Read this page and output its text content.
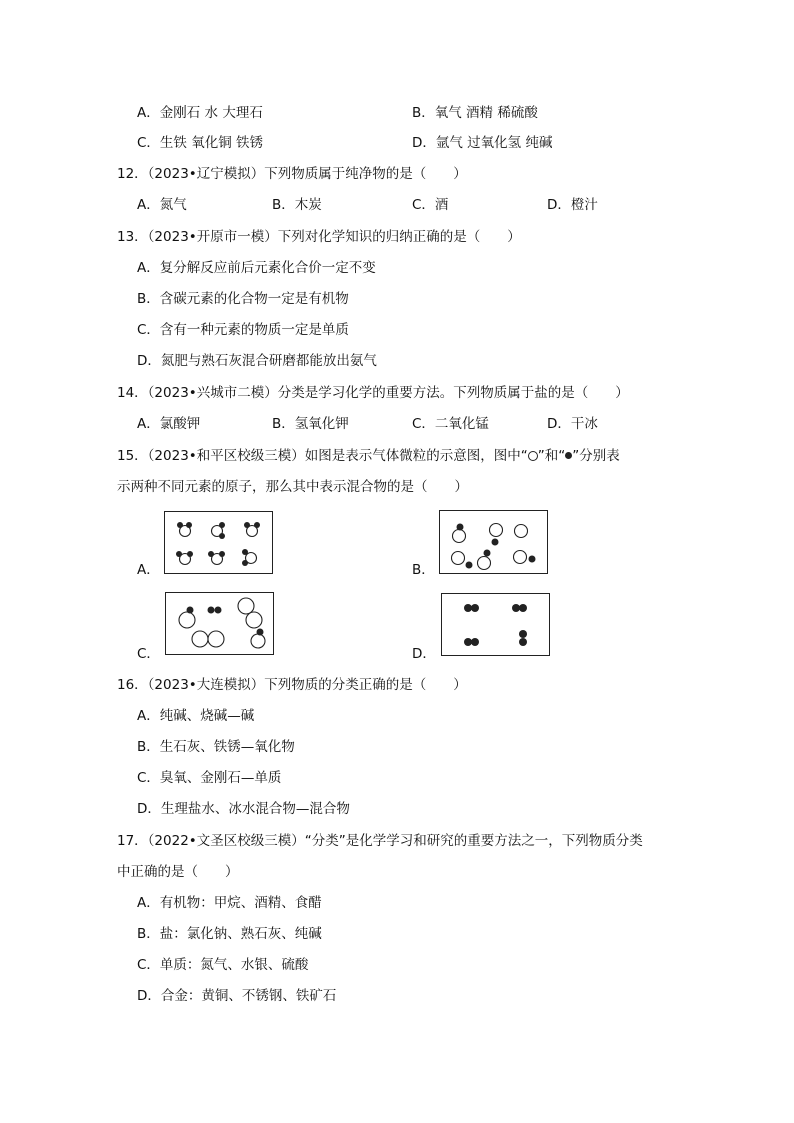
A．金刚石 水 大理石	B．氧气 酒精 稀硫酸
C．生铁 氧化铜 铁锈	D．氩气 过氧化氢 纯碱
12．（2023•辽宁模拟）下列物质属于纯净物的是（　　）
A．氮气	B．木炭	C．酒	D．橙汁
13．（2023•开原市一模）下列对化学知识的归纳正确的是（　　）
A．复分解反应前后元素化合价一定不变
B．含碳元素的化合物一定是有机物
C．含有一种元素的物质一定是单质
D．氮肥与熟石灰混合研磨都能放出氨气
14．（2023•兴城市二模）分类是学习化学的重要方法。下列物质属于盐的是（　　）
A．氯酸钾	B．氢氧化钾	C．二氧化锰	D．干冰
15．（2023•和平区校级三模）如图是表示气体微粒的示意图，图中“ ”和“ ”分别表
示两种不同元素的原子，那么其中表示混合物的是（　　）
A．	B．
C．	D．
16．（2023•大连模拟）下列物质的分类正确的是（　　）
A．纯碱、烧碱—碱
B．生石灰、铁锈—氧化物
C．臭氧、金刚石—单质
D．生理盐水、冰水混合物—混合物
17．（2022•文圣区校级三模）“分类”是化学学习和研究的重要方法之一，下列物质分类
中正确的是（　　）
A．有机物：甲烷、酒精、食醋
B．盐：氯化钠、熟石灰、纯碱
C．单质：氮气、水银、硫酸
D．合金：黄铜、不锈钢、铁矿石
